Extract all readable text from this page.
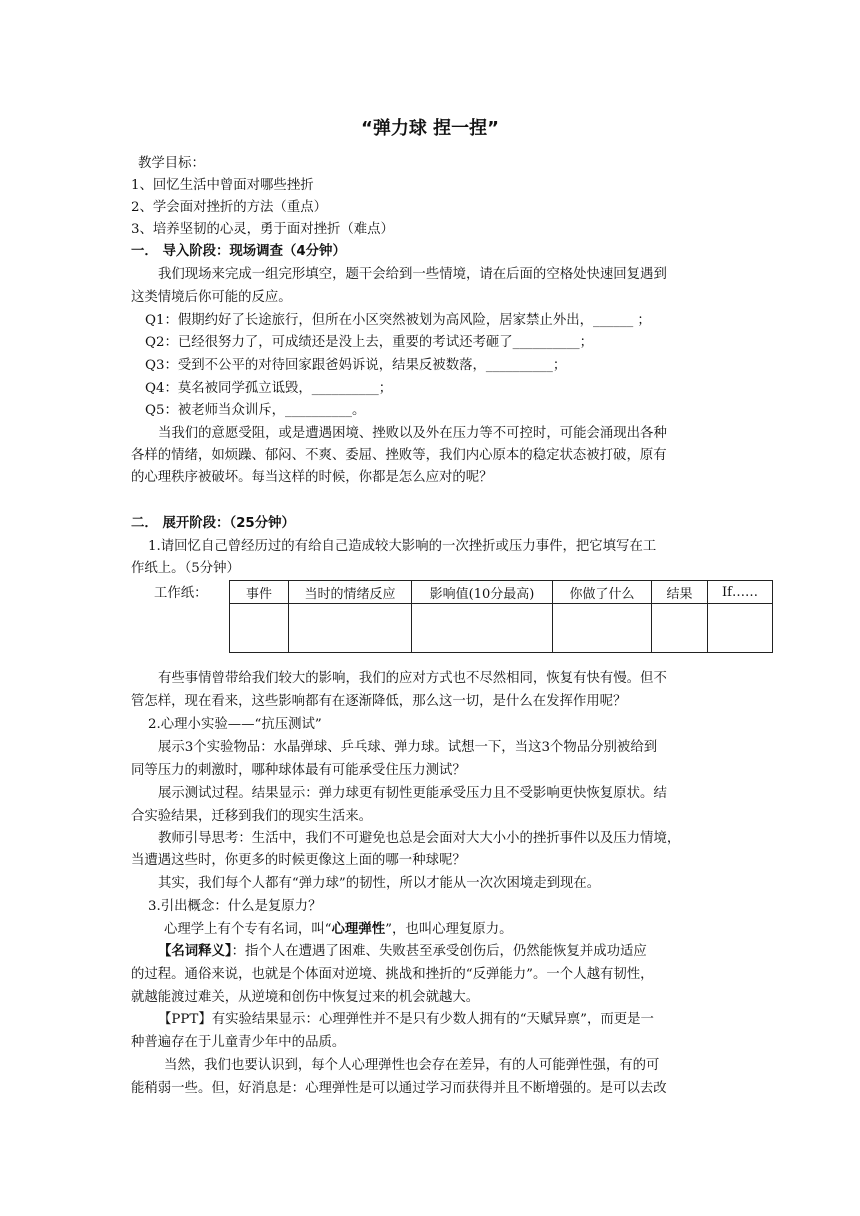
“弹力球 捏一捏”
教学目标：
1、回忆生活中曾面对哪些挫折
2、学会面对挫折的方法（重点）
3、培养坚韧的心灵，勇于面对挫折（难点）
一． 导入阶段：现场调查（4分钟）
我们现场来完成一组完形填空，题干会给到一些情境，请在后面的空格处快速回复遇到
这类情境后你可能的反应。
Q1：假期约好了长途旅行，但所在小区突然被划为高风险，居家禁止外出，______ ；
Q2：已经很努力了，可成绩还是没上去，重要的考试还考砸了__________；
Q3：受到不公平的对待回家跟爸妈诉说，结果反被数落，__________；
Q4：莫名被同学孤立诋毁，__________；
Q5：被老师当众训斥，__________。
当我们的意愿受阻，或是遭遇困境、挫败以及外在压力等不可控时，可能会涌现出各种
各样的情绪，如烦躁、郁闷、不爽、委屈、挫败等，我们内心原本的稳定状态被打破，原有
的心理秩序被破坏。每当这样的时候，你都是怎么应对的呢？
二． 展开阶段：（25分钟）
1.请回忆自己曾经历过的有给自己造成较大影响的一次挫折或压力事件，把它填写在工
作纸上。（5分钟）
工作纸：	事件	当时的情绪反应	影响值(10分最高)	你做了什么	结果	If……

有些事情曾带给我们较大的影响，我们的应对方式也不尽然相同，恢复有快有慢。但不
管怎样，现在看来，这些影响都有在逐渐降低，那么这一切，是什么在发挥作用呢？
2.心理小实验——“抗压测试”
展示3个实验物品：水晶弹球、乒乓球、弹力球。试想一下，当这3个物品分别被给到
同等压力的刺激时，哪种球体最有可能承受住压力测试？
展示测试过程。结果显示：弹力球更有韧性更能承受压力且不受影响更快恢复原状。结
合实验结果，迁移到我们的现实生活来。
教师引导思考：生活中，我们不可避免也总是会面对大大小小的挫折事件以及压力情境，
当遭遇这些时，你更多的时候更像这上面的哪一种球呢？
其实，我们每个人都有“弹力球”的韧性，所以才能从一次次困境走到现在。
3.引出概念：什么是复原力？
心理学上有个专有名词，叫“心理弹性”，也叫心理复原力。
【名词释义】：指个人在遭遇了困难、失败甚至承受创伤后，仍然能恢复并成功适应
的过程。通俗来说，也就是个体面对逆境、挑战和挫折的“反弹能力”。一个人越有韧性，
就越能渡过难关，从逆境和创伤中恢复过来的机会就越大。
【PPT】有实验结果显示：心理弹性并不是只有少数人拥有的“天赋异禀”，而更是一
种普遍存在于儿童青少年中的品质。
当然，我们也要认识到，每个人心理弹性也会存在差异，有的人可能弹性强，有的可
能稍弱一些。但，好消息是：心理弹性是可以通过学习而获得并且不断增强的。是可以去改
